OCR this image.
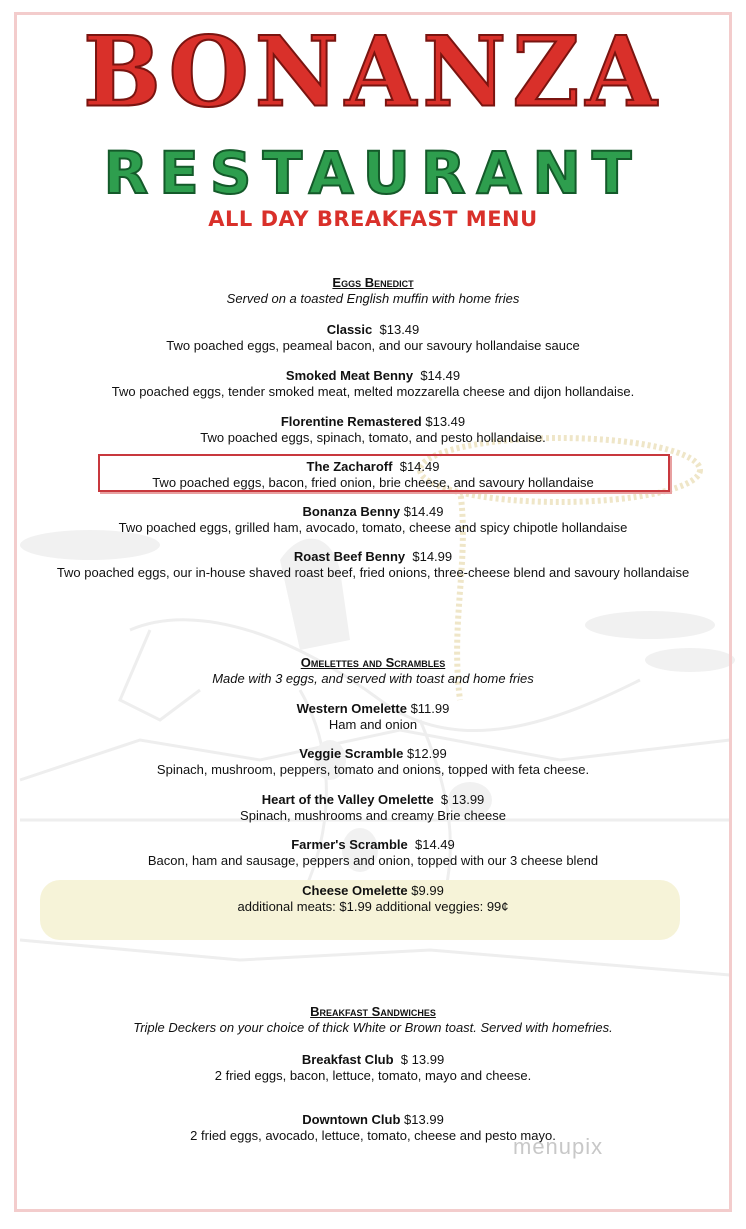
BONANZA
RESTAURANT
ALL DAY BREAKFAST MENU
Eggs Benedict
Served on a toasted English muffin with home fries
Classic $13.49
Two poached eggs, peameal bacon, and our savoury hollandaise sauce
Smoked Meat Benny $14.49
Two poached eggs, tender smoked meat, melted mozzarella cheese and dijon hollandaise.
Florentine Remastered $13.49
Two poached eggs, spinach, tomato, and pesto hollandaise.
The Zacharoff $14.49
Two poached eggs, bacon, fried onion, brie cheese, and savoury hollandaise
Bonanza Benny $14.49
Two poached eggs, grilled ham, avocado, tomato, cheese and spicy chipotle hollandaise
Roast Beef Benny $14.99
Two poached eggs, our in-house shaved roast beef, fried onions, three-cheese blend and savoury hollandaise
Omelettes and Scrambles
Made with 3 eggs, and served with toast and home fries
Western Omelette $11.99
Ham and onion
Veggie Scramble $12.99
Spinach, mushroom, peppers, tomato and onions, topped with feta cheese.
Heart of the Valley Omelette $ 13.99
Spinach, mushrooms and creamy Brie cheese
Farmer's Scramble $14.49
Bacon, ham and sausage, peppers and onion, topped with our 3 cheese blend
Cheese Omelette $9.99
additional meats: $1.99 additional veggies: 99¢
Breakfast Sandwiches
Triple Deckers on your choice of thick White or Brown toast. Served with homefries.
Breakfast Club $ 13.99
2 fried eggs, bacon, lettuce, tomato, mayo and cheese.
Downtown Club $13.99
2 fried eggs, avocado, lettuce, tomato, cheese and pesto mayo.
menupix
